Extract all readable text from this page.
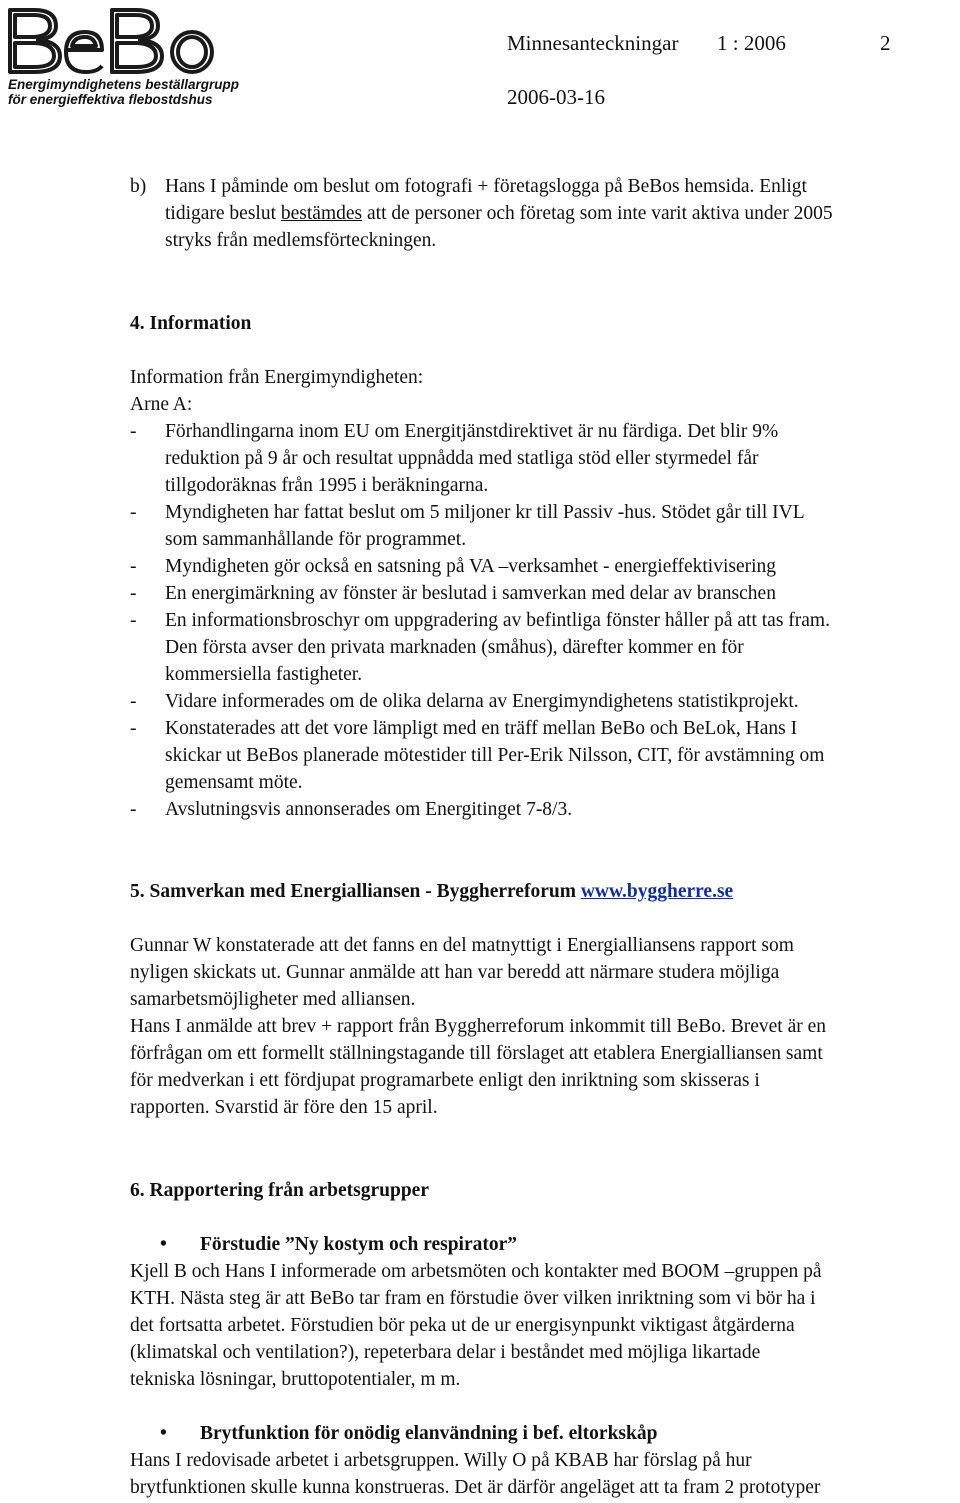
Energimyndighetens beställargrupp
för energieffektiva flebostdshus
Minnesanteckningar 1 : 2006	2
2006-03-16
b) Hans I påminde om beslut om fotografi + företagslogga på BeBos hemsida. Enligt

tidigare beslut bestämdes att de personer och företag som inte varit aktiva under 2005

stryks från medlemsförteckningen.

4. Information

Information från Energimyndigheten:

Arne A:

-	Förhandlingarna inom EU om Energitjänstdirektivet är nu färdiga. Det blir 9%

reduktion på 9 år och resultat uppnådda med statliga stöd eller styrmedel får

tillgodoräknas från 1995 i beräkningarna.

-	Myndigheten har fattat beslut om 5 miljoner kr till Passiv -hus. Stödet går till IVL

som sammanhållande för programmet.

-	Myndigheten gör också en satsning på VA –verksamhet - energieffektivisering

-	En energimärkning av fönster är beslutad i samverkan med delar av branschen

-	En informationsbroschyr om uppgradering av befintliga fönster håller på att tas fram.

Den första avser den privata marknaden (småhus), därefter kommer en för

kommersiella fastigheter.

-	Vidare informerades om de olika delarna av Energimyndighetens statistikprojekt.

-	Konstaterades att det vore lämpligt med en träff mellan BeBo och BeLok, Hans I

skickar ut BeBos planerade mötestider till Per-Erik Nilsson, CIT, för avstämning om

gemensamt möte.

-	Avslutningsvis annonserades om Energitinget 7-8/3.

5. Samverkan med Energialliansen - Byggherreforum www.byggherre.se

Gunnar W konstaterade att det fanns en del matnyttigt i Energialliansens rapport som

nyligen skickats ut. Gunnar anmälde att han var beredd att närmare studera möjliga

samarbetsmöjligheter med alliansen.

Hans I anmälde att brev + rapport från Byggherreforum inkommit till BeBo. Brevet är en

förfrågan om ett formellt ställningstagande till förslaget att etablera Energialliansen samt

för medverkan i ett fördjupat programarbete enligt den inriktning som skisseras i

rapporten. Svarstid är före den 15 april.

6. Rapportering från arbetsgrupper
•	Förstudie ”Ny kostym och respirator”

Kjell B och Hans I informerade om arbetsmöten och kontakter med BOOM –gruppen på

KTH. Nästa steg är att BeBo tar fram en förstudie över vilken inriktning som vi bör ha i

det fortsatta arbetet. Förstudien bör peka ut de ur energisynpunkt viktigast åtgärderna

(klimatskal och ventilation?), repeterbara delar i beståndet med möjliga likartade

tekniska lösningar, bruttopotentialer, m m.

•	Brytfunktion för onödig elanvändning i bef. eltorkskåp

Hans I redovisade arbetet i arbetsgruppen. Willy O på KBAB har förslag på hur

brytfunktionen skulle kunna konstrueras. Det är därför angeläget att ta fram 2 prototyper
